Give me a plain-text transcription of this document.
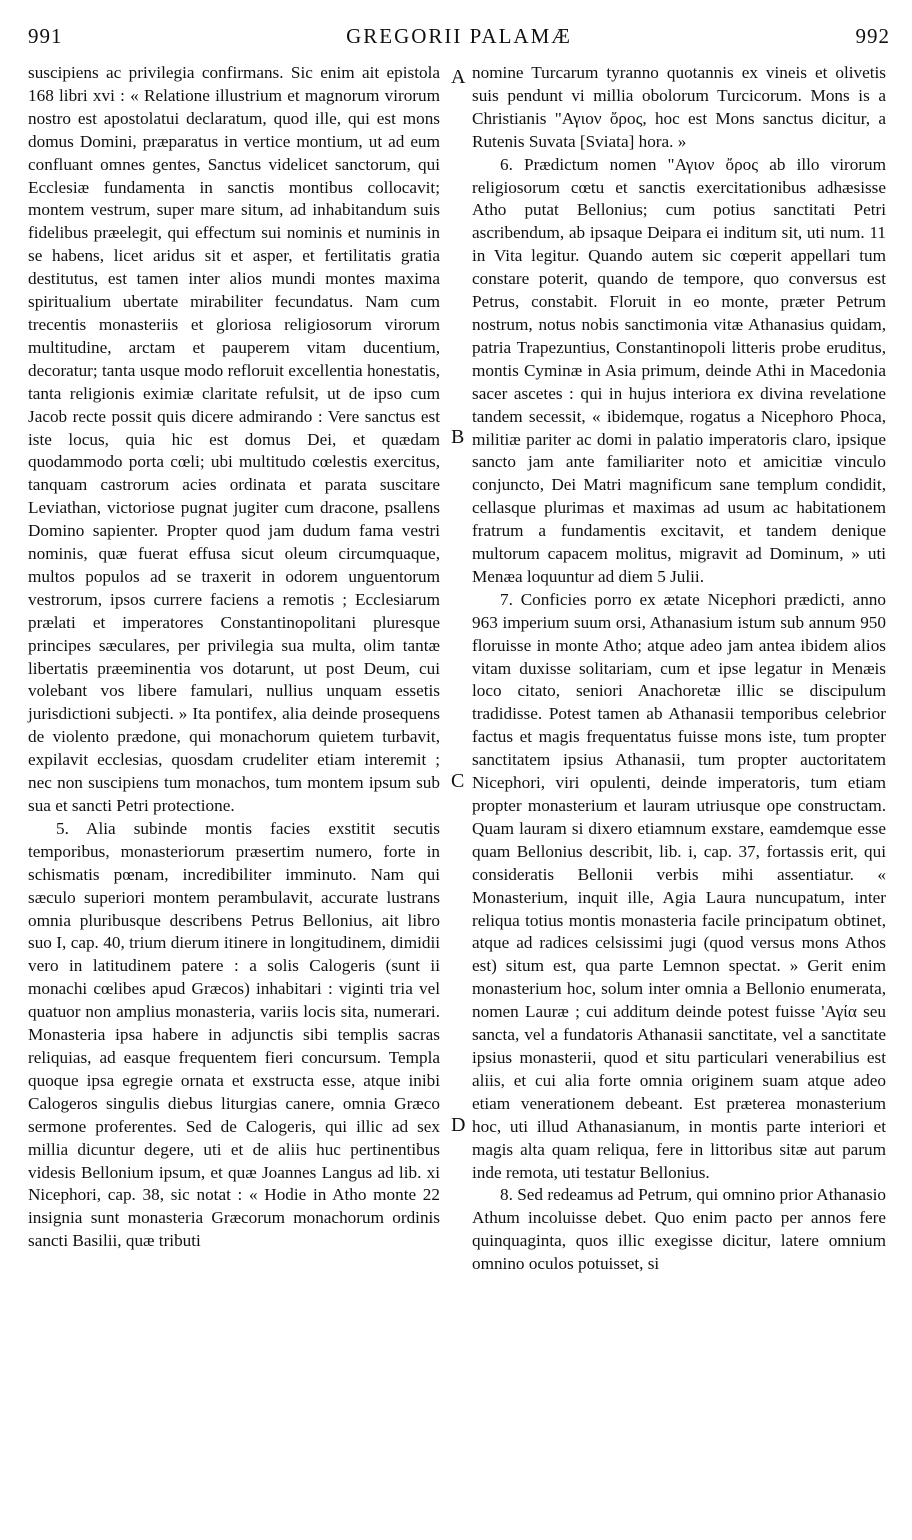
991	GREGORII PALAMÆ	992

suscipiens ac privilegia confirmans. Sic enim ait epistola 168 libri xvi : « Relatione illustrium et magnorum virorum nostro est apostolatui declaratum, quod ille, qui est mons domus Domini, præparatus in vertice montium, ut ad eum confluant omnes gentes, Sanctus videlicet sanctorum, qui Ecclesiæ fundamenta in sanctis montibus collocavit; montem vestrum, super mare situm, ad inhabitandum suis fidelibus præelegit, qui effectum sui nominis et numinis in se habens, licet aridus sit et asper, et fertilitatis gratia destitutus, est tamen inter alios mundi montes maxima spiritualium ubertate mirabiliter fecundatus. Nam cum trecentis monasteriis et gloriosa religiosorum virorum multitudine, arctam et pauperem vitam ducentium, decoratur; tanta usque modo refloruit excellentia honestatis, tanta religionis eximiæ claritate refulsit, ut de ipso cum Jacob recte possit quis dicere admirando : Vere sanctus est iste locus, quia hic est domus Dei, et quædam quodammodo porta cœli; ubi multitudo cœlestis exercitus, tanquam castrorum acies ordinata et parata suscitare Leviathan, victoriose pugnat jugiter cum dracone, psallens Domino sapienter. Propter quod jam dudum fama vestri nominis, quæ fuerat effusa sicut oleum circumquaque, multos populos ad se traxerit in odorem unguentorum vestrorum, ipsos currere faciens a remotis ; Ecclesiarum prælati et imperatores Constantinopolitani pluresque principes sæculares, per privilegia sua multa, olim tantæ libertatis præeminentia vos dotarunt, ut post Deum, cui volebant vos libere famulari, nullius unquam essetis jurisdictioni subjecti. » Ita pontifex, alia deinde prosequens de violento prædone, qui monachorum quietem turbavit, expilavit ecclesias, quosdam crudeliter etiam interemit ; nec non suscipiens tum monachos, tum montem ipsum sub sua et sancti Petri protectione.

5. Alia subinde montis facies exstitit secutis temporibus, monasteriorum præsertim numero, forte in schismatis pœnam, incredibiliter imminuto. Nam qui sæculo superiori montem perambulavit, accurate lustrans omnia pluribusque describens Petrus Bellonius, ait libro suo I, cap. 40, trium dierum itinere in longitudinem, dimidii vero in latitudinem patere : a solis Calogeris (sunt ii monachi cœlibes apud Græcos) inhabitari : viginti tria vel quatuor non amplius monasteria, variis locis sita, numerari. Monasteria ipsa habere in adjunctis sibi templis sacras reliquias, ad easque frequentem fieri concursum. Templa quoque ipsa egregie ornata et exstructa esse, atque inibi Calogeros singulis diebus liturgias canere, omnia Græco sermone proferentes. Sed de Calogeris, qui illic ad sex millia dicuntur degere, uti et de aliis huc pertinentibus videsis Bellonium ipsum, et quæ Joannes Langus ad lib. xi Nicephori, cap. 38, sic notat : « Hodie in Atho monte 22 insignia sunt monasteria Græcorum monachorum ordinis sancti Basilii, quæ tributi

nomine Turcarum tyranno quotannis ex vineis et olivetis suis pendunt vi millia obolorum Turcicorum. Mons is a Christianis "Αγιον ὄρος, hoc est Mons sanctus dicitur, a Rutenis Suvata [Sviata] hora. »

6. Prædictum nomen "Αγιον ὄρος ab illo virorum religiosorum cœtu et sanctis exercitationibus adhæsisse Atho putat Bellonius; cum potius sanctitati Petri ascribendum, ab ipsaque Deipara ei inditum sit, uti num. 11 in Vita legitur. Quando autem sic cœperit appellari tum constare poterit, quando de tempore, quo conversus est Petrus, constabit. Floruit in eo monte, præter Petrum nostrum, notus nobis sanctimonia vitæ Athanasius quidam, patria Trapezuntius, Constantinopoli litteris probe eruditus, montis Cyminæ in Asia primum, deinde Athi in Macedonia sacer ascetes : qui in hujus interiora ex divina revelatione tandem secessit, « ibidemque, rogatus a Nicephoro Phoca, militiæ pariter ac domi in palatio imperatoris claro, ipsique sancto jam ante familiariter noto et amicitiæ vinculo conjuncto, Dei Matri magnificum sane templum condidit, cellasque plurimas et maximas ad usum ac habitationem fratrum a fundamentis excitavit, et tandem denique multorum capacem molitus, migravit ad Dominum, » uti Menæa loquuntur ad diem 5 Julii.

7. Conficies porro ex ætate Nicephori prædicti, anno 963 imperium suum orsi, Athanasium istum sub annum 950 floruisse in monte Atho; atque adeo jam antea ibidem alios vitam duxisse solitariam, cum et ipse legatur in Menæis loco citato, seniori Anachoretæ illic se discipulum tradidisse. Potest tamen ab Athanasii temporibus celebrior factus et magis frequentatus fuisse mons iste, tum propter sanctitatem ipsius Athanasii, tum propter auctoritatem Nicephori, viri opulenti, deinde imperatoris, tum etiam propter monasterium et lauram utriusque ope constructam. Quam lauram si dixero etiamnum exstare, eamdemque esse quam Bellonius describit, lib. i, cap. 37, fortassis erit, qui consideratis Bellonii verbis mihi assentiatur. « Monasterium, inquit ille, Agia Laura nuncupatum, inter reliqua totius montis monasteria facile principatum obtinet, atque ad radices celsissimi jugi (quod versus mons Athos est) situm est, qua parte Lemnon spectat. » Gerit enim monasterium hoc, solum inter omnia a Bellonio enumerata, nomen Lauræ ; cui additum deinde potest fuisse 'Αγία seu sancta, vel a fundatoris Athanasii sanctitate, vel a sanctitate ipsius monasterii, quod et situ particulari venerabilius est aliis, et cui alia forte omnia originem suam atque adeo etiam venerationem debeant. Est præterea monasterium hoc, uti illud Athanasianum, in montis parte interiori et magis alta quam reliqua, fere in littoribus sitæ aut parum inde remota, uti testatur Bellonius.

8. Sed redeamus ad Petrum, qui omnino prior Athanasio Athum incoluisse debet. Quo enim pacto per annos fere quinquaginta, quos illic exegisse dicitur, latere omnium omnino oculos potuisset, si

A
B
C
D
